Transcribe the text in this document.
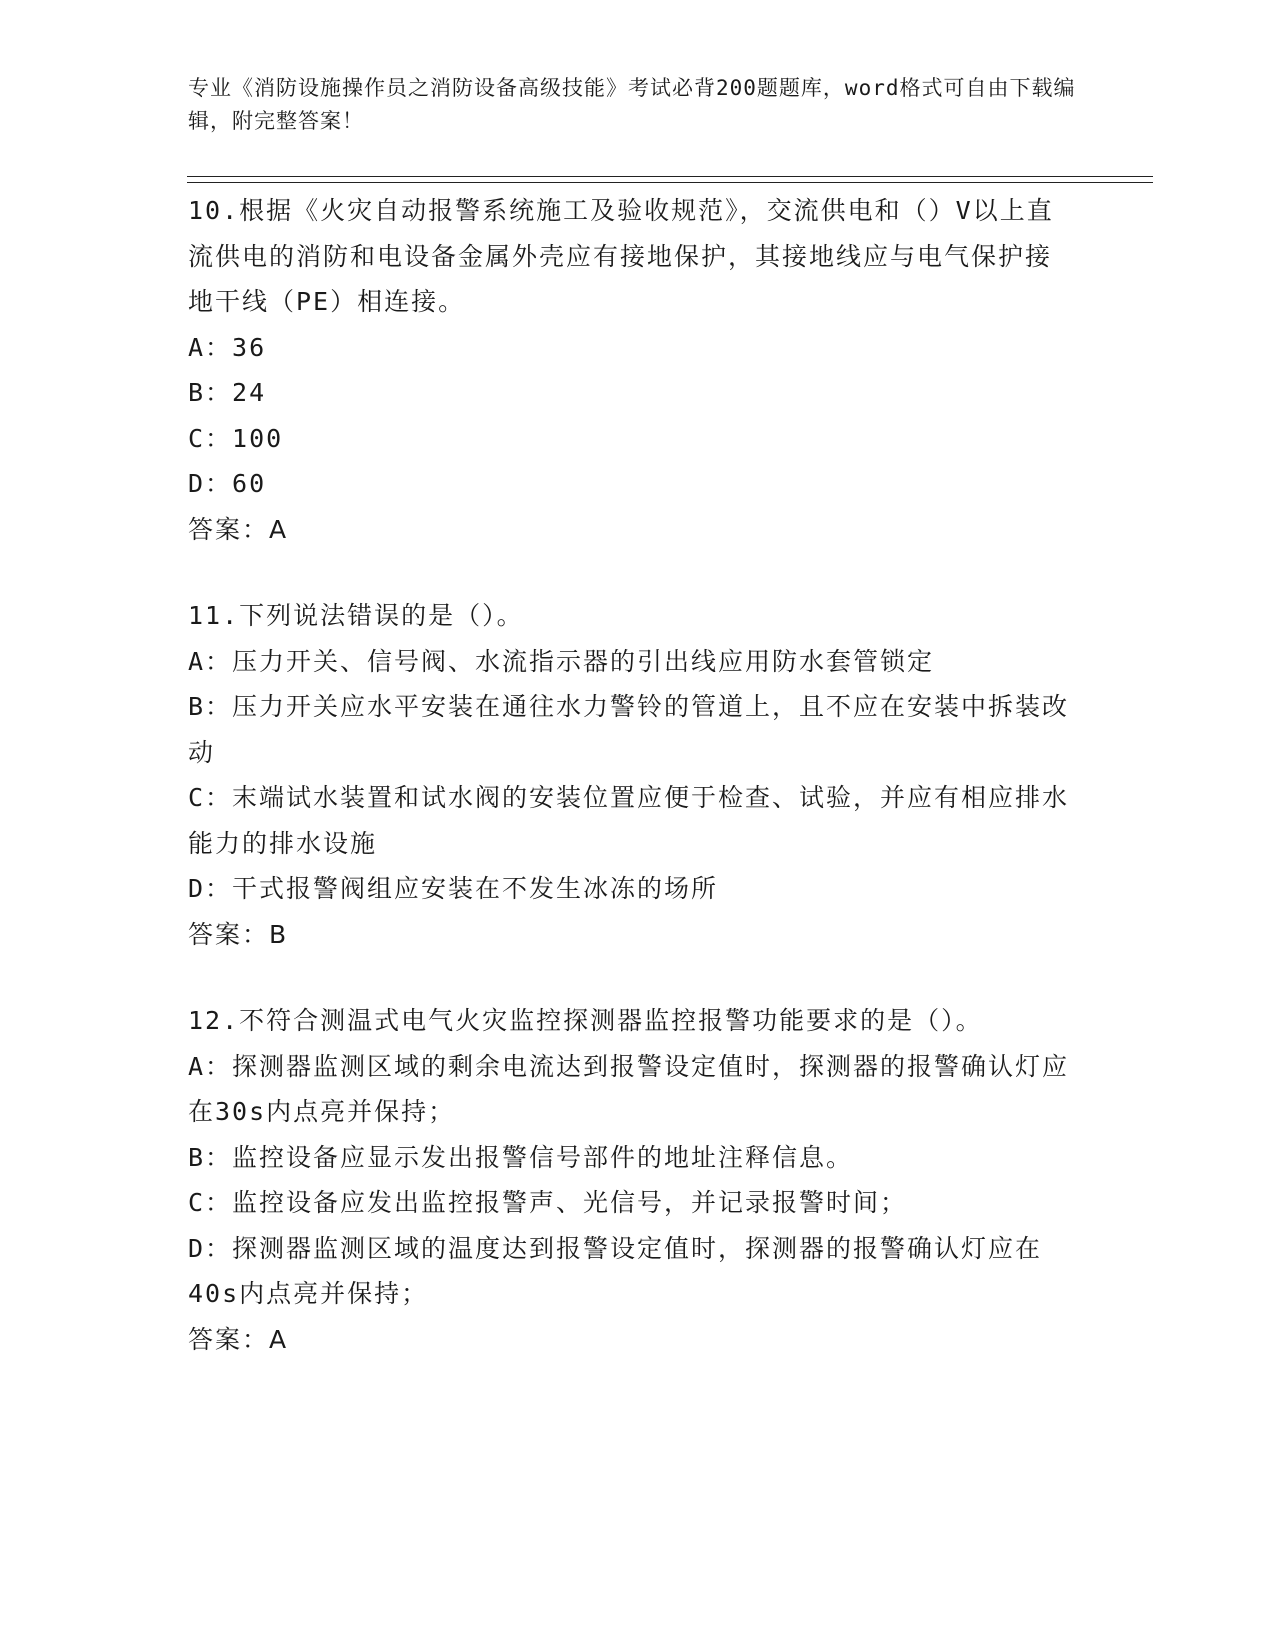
专业《消防设施操作员之消防设备高级技能》考试必背200题题库，word格式可自由下载编辑，附完整答案！

10.根据《火灾自动报警系统施工及验收规范》，交流供电和（）V以上直流供电的消防和电设备金属外壳应有接地保护，其接地线应与电气保护接地干线（PE）相连接。

A：36

B：24

C：100

D：60

答案：A

11.下列说法错误的是（）。

A：压力开关、信号阀、水流指示器的引出线应用防水套管锁定

B：压力开关应水平安装在通往水力警铃的管道上，且不应在安装中拆装改动

C：末端试水装置和试水阀的安装位置应便于检查、试验，并应有相应排水能力的排水设施

D：干式报警阀组应安装在不发生冰冻的场所

答案：B

12.不符合测温式电气火灾监控探测器监控报警功能要求的是（）。

A：探测器监测区域的剩余电流达到报警设定值时，探测器的报警确认灯应在30s内点亮并保持；

B：监控设备应显示发出报警信号部件的地址注释信息。

C：监控设备应发出监控报警声、光信号，并记录报警时间；

D：探测器监测区域的温度达到报警设定值时，探测器的报警确认灯应在40s内点亮并保持；

答案：A
